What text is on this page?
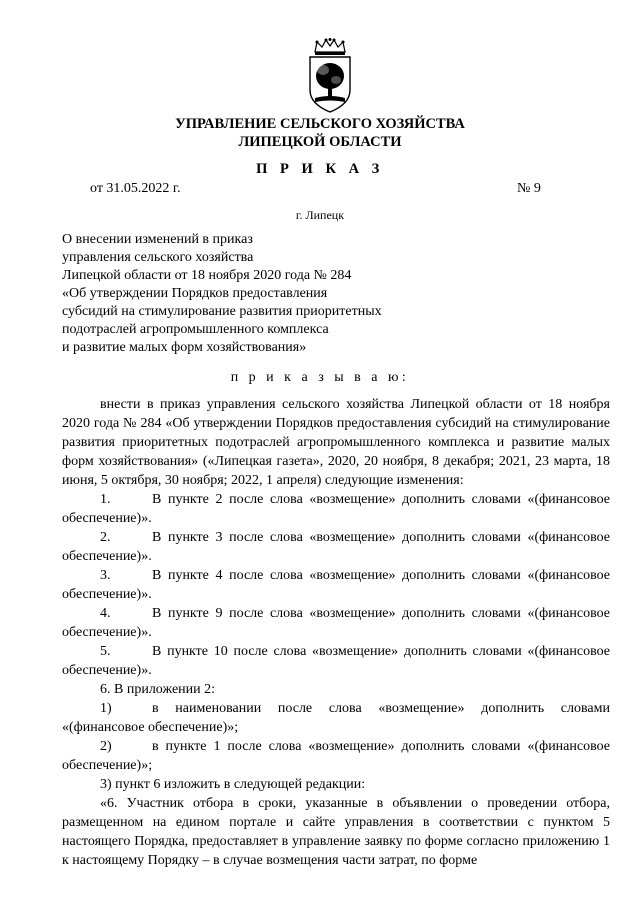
УПРАВЛЕНИЕ СЕЛЬСКОГО ХОЗЯЙСТВА
ЛИПЕЦКОЙ ОБЛАСТИ
П Р И К А З
от 31.05.2022 г.	№ 9
г. Липецк
О внесении изменений в приказ
управления сельского хозяйства
Липецкой области от 18 ноября 2020 года № 284
«Об утверждении Порядков предоставления
субсидий на стимулирование развития приоритетных
подотраслей агропромышленного комплекса
и развитие малых форм хозяйствования»
п р и к а з ы в а ю:

внести в приказ управления сельского хозяйства Липецкой области от 18 ноября 2020 года № 284 «Об утверждении Порядков предоставления субсидий на стимулирование развития приоритетных подотраслей агропромышленного комплекса и развитие малых форм хозяйствования» («Липецкая газета», 2020, 20 ноября, 8 декабря; 2021, 23 марта, 18 июня, 5 октября, 30 ноября; 2022, 1 апреля) следующие изменения:

1.	В пункте 2 после слова «возмещение» дополнить словами «(финансовое обеспечение)».

2.	В пункте 3 после слова «возмещение» дополнить словами «(финансовое обеспечение)».

3.	В пункте 4 после слова «возмещение» дополнить словами «(финансовое обеспечение)».

4.	В пункте 9 после слова «возмещение» дополнить словами «(финансовое обеспечение)».

5.	В пункте 10 после слова «возмещение» дополнить словами «(финансовое обеспечение)».

6. В приложении 2:

1)	в наименовании после слова «возмещение» дополнить словами «(финансовое обеспечение)»;

2)	в пункте 1 после слова «возмещение» дополнить словами «(финансовое обеспечение)»;

3) пункт 6 изложить в следующей редакции:

«6. Участник отбора в сроки, указанные в объявлении о проведении отбора, размещенном на едином портале и сайте управления в соответствии с пунктом 5 настоящего Порядка, предоставляет в управление заявку по форме согласно приложению 1 к настоящему Порядку – в случае возмещения части затрат, по форме
